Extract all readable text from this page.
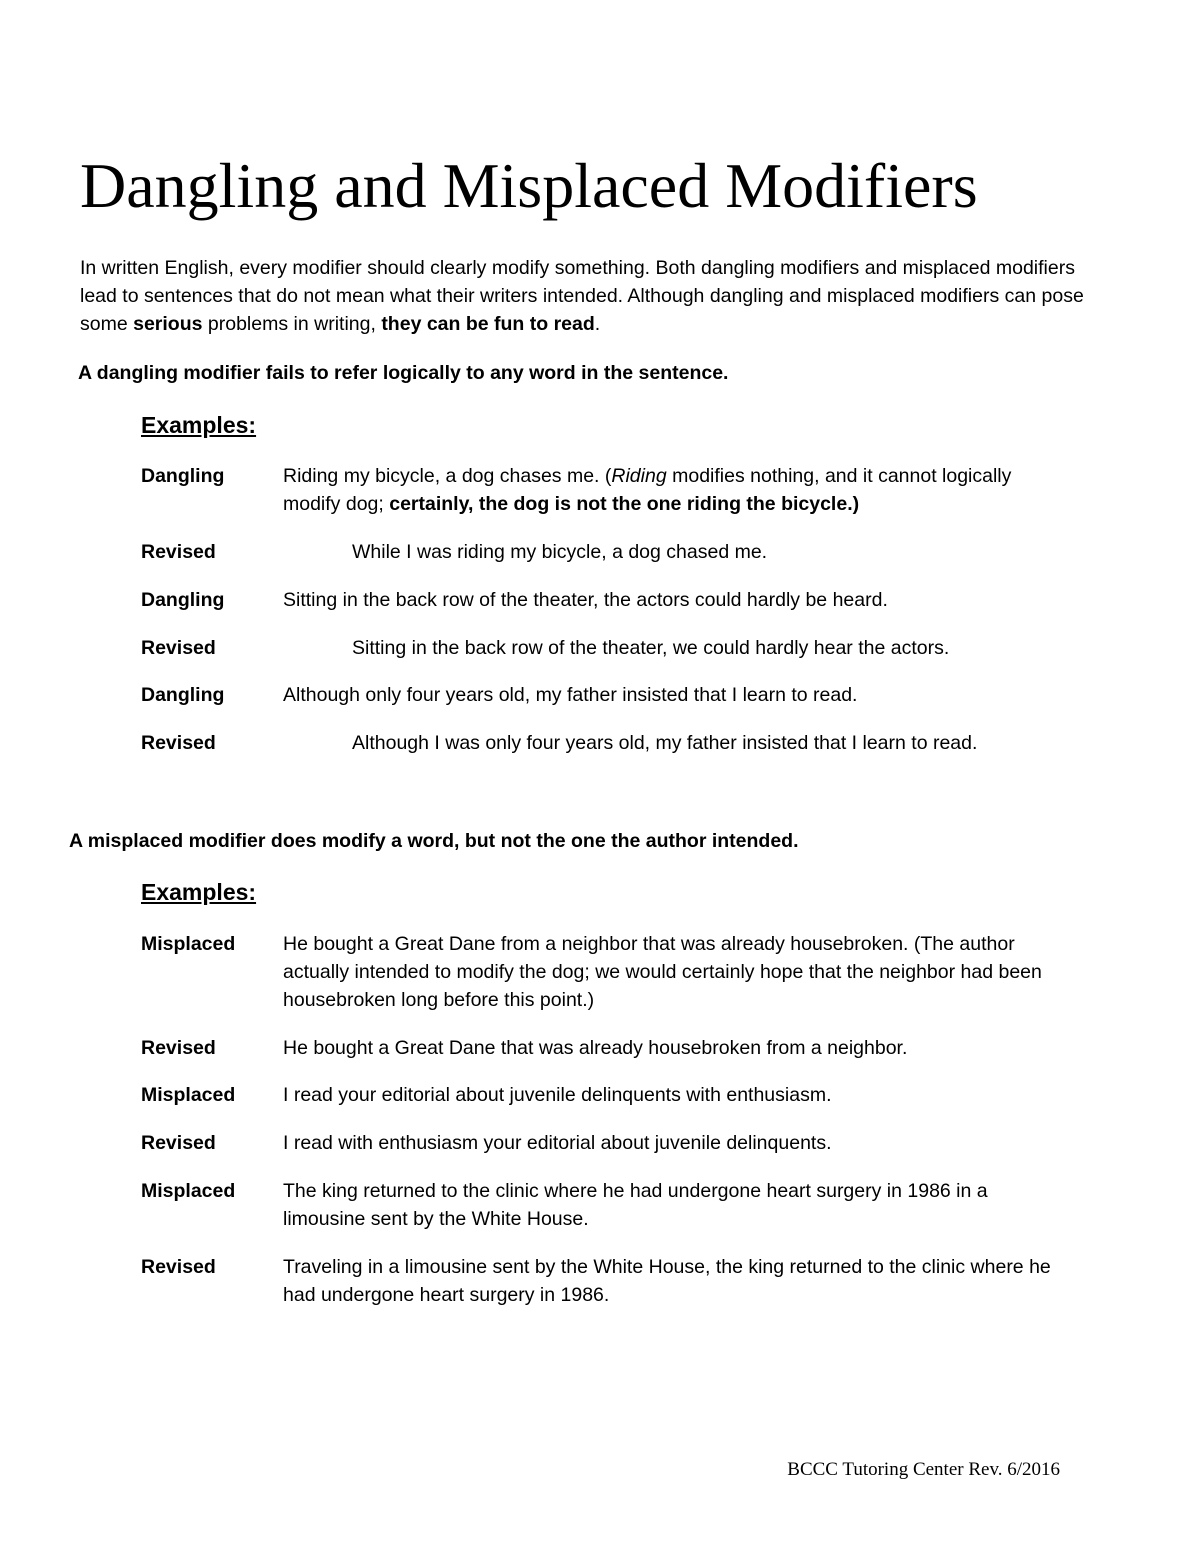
Dangling and Misplaced Modifiers

In written English, every modifier should clearly modify something. Both dangling modifiers and misplaced modifiers lead to sentences that do not mean what their writers intended. Although dangling and misplaced modifiers can pose some serious problems in writing, they can be fun to read.

A dangling modifier fails to refer logically to any word in the sentence.

Examples:

Dangling	Riding my bicycle, a dog chases me. (Riding modifies nothing, and it cannot logically modify dog; certainly, the dog is not the one riding the bicycle.)

Revised	While I was riding my bicycle, a dog chased me.

Dangling	Sitting in the back row of the theater, the actors could hardly be heard.

Revised	Sitting in the back row of the theater, we could hardly hear the actors.

Dangling	Although only four years old, my father insisted that I learn to read.

Revised	Although I was only four years old, my father insisted that I learn to read.

A misplaced modifier does modify a word, but not the one the author intended.

Examples:

Misplaced He bought a Great Dane from a neighbor that was already housebroken. (The author actually intended to modify the dog; we would certainly hope that the neighbor had been housebroken long before this point.)

Revised	He bought a Great Dane that was already housebroken from a neighbor.

Misplaced I read your editorial about juvenile delinquents with enthusiasm.

Revised	I read with enthusiasm your editorial about juvenile delinquents.

Misplaced The king returned to the clinic where he had undergone heart surgery in 1986 in a limousine sent by the White House.

Revised	Traveling in a limousine sent by the White House, the king returned to the clinic where he had undergone heart surgery in 1986.

BCCC Tutoring Center Rev. 6/2016
